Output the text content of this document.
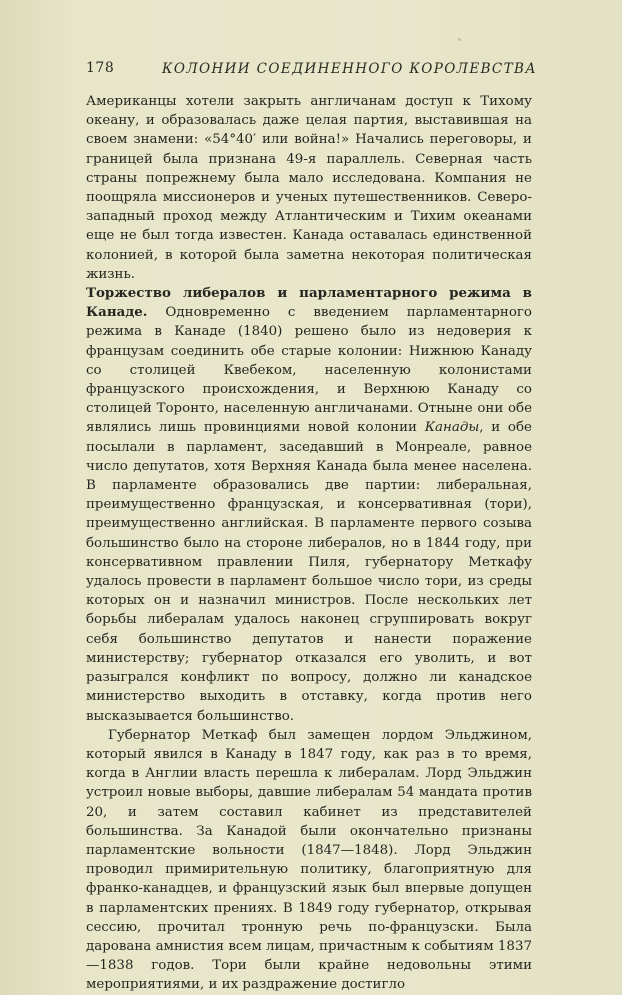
178	КОЛОНИИ СОЕДИНЕННОГО КОРОЛЕВСТВА

Американцы хотели закрыть англичанам доступ к Тихому океану, и образовалась даже целая партия, выставившая на своем знамени: «54°40′ или война!» Начались переговоры, и границей была признана 49-я параллель. Северная часть страны попрежнему была мало исследована. Компания не поощряла миссионеров и ученых путешественников. Северо-западный проход между Атлантическим и Тихим океанами еще не был тогда известен. Канада оставалась единственной колонией, в которой была заметна некоторая политическая жизнь.

Торжество либералов и парламентарного режима в Канаде. Одновременно с введением парламентарного режима в Канаде (1840) решено было из недоверия к французам соединить обе старые колонии: Нижнюю Канаду со столицей Квебеком, населенную колонистами французского происхождения, и Верхнюю Канаду со столицей Торонто, населенную англичанами. Отныне они обе являлись лишь провинциями новой колонии Канады, и обе посылали в парламент, заседавший в Монреале, равное число депутатов, хотя Верхняя Канада была менее населена. В парламенте образовались две партии: либеральная, преимущественно французская, и консервативная (тори), преимущественно английская. В парламенте первого созыва большинство было на стороне либералов, но в 1844 году, при консервативном правлении Пиля, губернатору Меткафу удалось провести в парламент большое число тори, из среды которых он и назначил министров. После нескольких лет борьбы либералам удалось наконец сгруппировать вокруг себя большинство депутатов и нанести поражение министерству; губернатор отказался его уволить, и вот разыгрался конфликт по вопросу, должно ли канадское министерство выходить в отставку, когда против него высказывается большинство.

Губернатор Меткаф был замещен лордом Эльджином, который явился в Канаду в 1847 году, как раз в то время, когда в Англии власть перешла к либералам. Лорд Эльджин устроил новые выборы, давшие либералам 54 мандата против 20, и затем составил кабинет из представителей большинства. За Канадой были окончательно признаны парламентские вольности (1847—1848). Лорд Эльджин проводил примирительную политику, благоприятную для франко-канадцев, и французский язык был впервые допущен в парламентских прениях. В 1849 году губернатор, открывая сессию, прочитал тронную речь по-французски. Была дарована амнистия всем лицам, причастным к событиям 1837—1838 годов. Тори были крайне недовольны этими мероприятиями, и их раздражение достигло
